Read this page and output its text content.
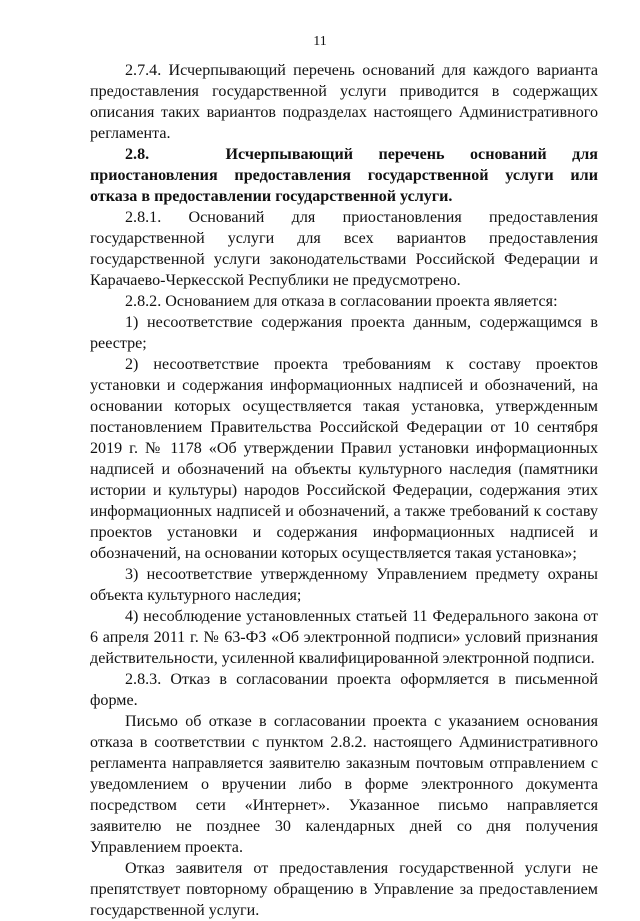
11

2.7.4. Исчерпывающий перечень оснований для каждого варианта предоставления государственной услуги приводится в содержащих описания таких вариантов подразделах настоящего Административного регламента.

2.8.	Исчерпывающий перечень оснований для приостановления предоставления государственной услуги или отказа в предоставлении государственной услуги.

2.8.1. Оснований для приостановления предоставления государственной услуги для всех вариантов предоставления государственной услуги законодательствами Российской Федерации и Карачаево-Черкесской Республики не предусмотрено.

2.8.2. Основанием для отказа в согласовании проекта является:

1) несоответствие содержания проекта данным, содержащимся в реестре;

2) несоответствие проекта требованиям к составу проектов установки и содержания информационных надписей и обозначений, на основании которых осуществляется такая установка, утвержденным постановлением Правительства Российской Федерации от 10 сентября 2019 г. № 1178 «Об утверждении Правил установки информационных надписей и обозначений на объекты культурного наследия (памятники истории и культуры) народов Российской Федерации, содержания этих информационных надписей и обозначений, а также требований к составу проектов установки и содержания информационных надписей и обозначений, на основании которых осуществляется такая установка»;

3) несоответствие утвержденному Управлением предмету охраны объекта культурного наследия;

4) несоблюдение установленных статьей 11 Федерального закона от 6 апреля 2011 г. № 63-ФЗ «Об электронной подписи» условий признания действительности, усиленной квалифицированной электронной подписи.

2.8.3. Отказ в согласовании проекта оформляется в письменной форме.

Письмо об отказе в согласовании проекта с указанием основания отказа в соответствии с пунктом 2.8.2. настоящего Административного регламента направляется заявителю заказным почтовым отправлением с уведомлением о вручении либо в форме электронного документа посредством сети «Интернет». Указанное письмо направляется заявителю не позднее 30 календарных дней со дня получения Управлением проекта.

Отказ заявителя от предоставления государственной услуги не препятствует повторному обращению в Управление за предоставлением государственной услуги.
